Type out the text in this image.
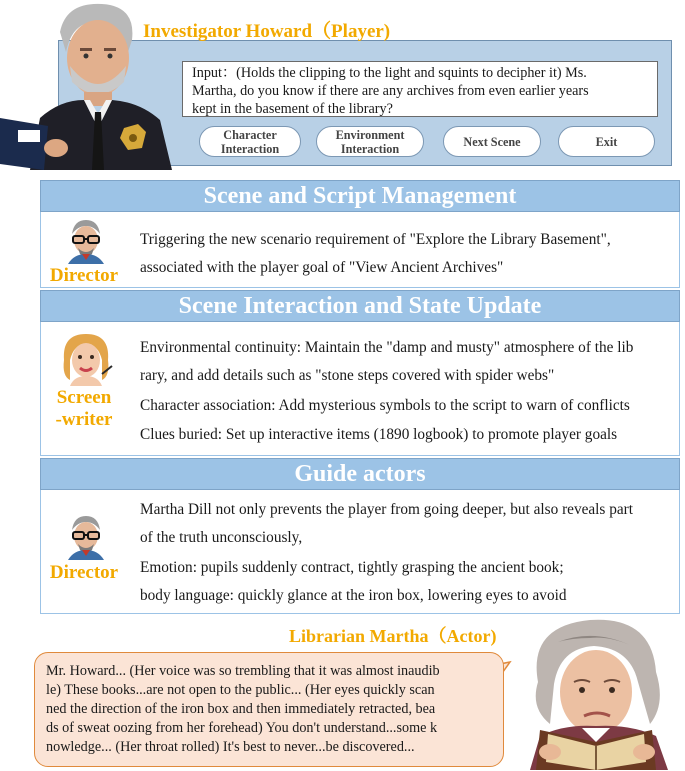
Investigator Howard（Player)
Input：(Holds the clipping to the light and squints to decipher it) Ms.
Martha, do you know if there are any archives from even earlier years
kept in the basement of the library?
Character
Interaction
Environment
Interaction	Next Scene	Exit
Scene and Script Management
Director
Triggering the new scenario requirement of "Explore the Library Basement",
associated with the player goal of "View Ancient Archives"
Scene Interaction and State Update
Screen
-writer
Environmental continuity: Maintain the "damp and musty" atmosphere of the lib
rary, and add details such as "stone steps covered with spider webs"
Character association: Add mysterious symbols to the script to warn of conflicts
Clues buried: Set up interactive items (1890 logbook) to promote player goals
Guide actors
Director
Martha Dill not only prevents the player from going deeper, but also reveals part
of the truth unconsciously,
Emotion: pupils suddenly contract, tightly grasping the ancient book;
body language: quickly glance at the iron box, lowering eyes to avoid
Librarian Martha（Actor)
Mr. Howard... (Her voice was so trembling that it was almost inaudib
le) These books...are not open to the public... (Her eyes quickly scan
ned the direction of the iron box and then immediately retracted, bea
ds of sweat oozing from her forehead) You don't understand...some k
nowledge... (Her throat rolled) It's best to never...be discovered...
